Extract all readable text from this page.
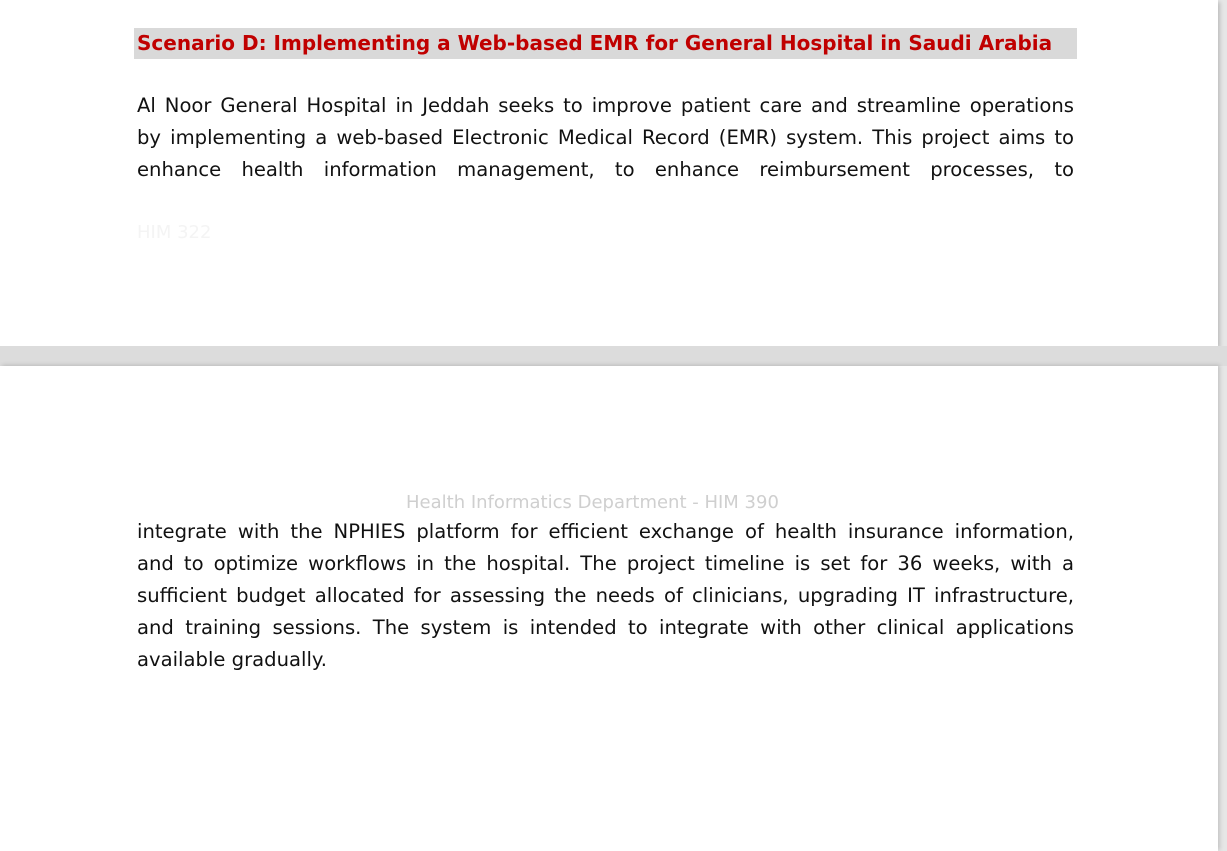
Scenario D: Implementing a Web-based EMR for General Hospital in Saudi Arabia
Al Noor General Hospital in Jeddah seeks to improve patient care and streamline operations
by implementing a web-based Electronic Medical Record (EMR) system. This project aims to
enhance health information management, to enhance reimbursement processes, to
HIM 322
Health Informatics Department - HIM 390
integrate with the NPHIES platform for efficient exchange of health insurance information,
and to optimize workflows in the hospital. The project timeline is set for 36 weeks, with a
sufficient budget allocated for assessing the needs of clinicians, upgrading IT infrastructure,
and training sessions. The system is intended to integrate with other clinical applications
available gradually.
